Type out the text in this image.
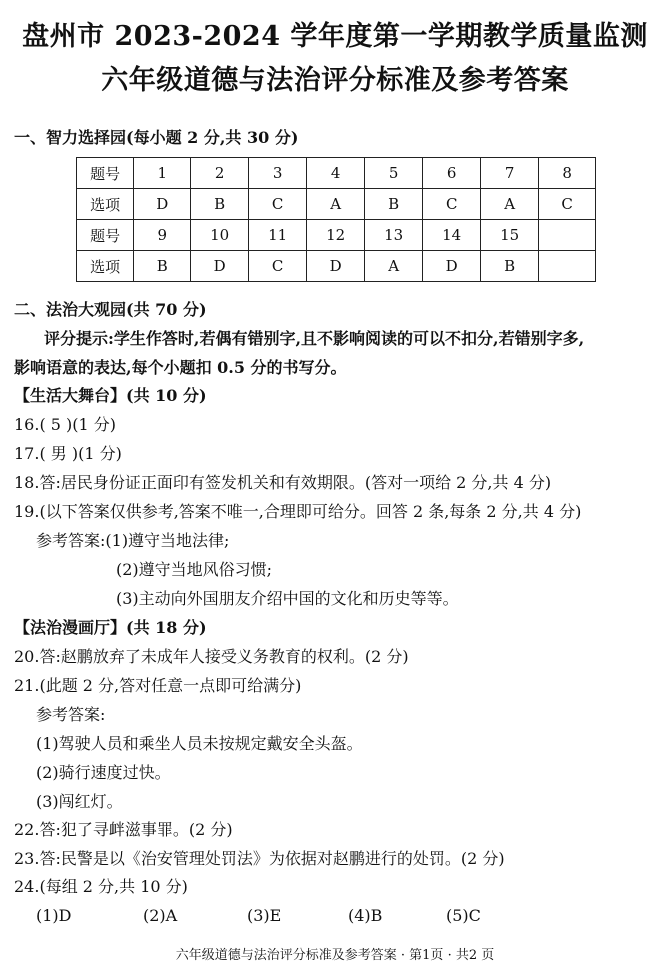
盘州市 2023-2024 学年度第一学期教学质量监测
六年级道德与法治评分标准及参考答案
一、智力选择园(每小题 2 分,共 30 分)
题号	1	2	3	4	5	6	7	8
选项	D	B	C	A	B	C	A	C
题号	9	10	11	12	13	14	15	
选项	B	D	C	D	A	D	B	
二、法治大观园(共 70 分)
评分提示:学生作答时,若偶有错别字,且不影响阅读的可以不扣分,若错别字多,
影响语意的表达,每个小题扣 0.5 分的书写分。
【生活大舞台】(共 10 分)
16.( 5 )(1 分)
17.( 男 )(1 分)
18.答:居民身份证正面印有签发机关和有效期限。(答对一项给 2 分,共 4 分)
19.(以下答案仅供参考,答案不唯一,合理即可给分。回答 2 条,每条 2 分,共 4 分)
参考答案:(1)遵守当地法律;
(2)遵守当地风俗习惯;
(3)主动向外国朋友介绍中国的文化和历史等等。
【法治漫画厅】(共 18 分)
20.答:赵鹏放弃了未成年人接受义务教育的权利。(2 分)
21.(此题 2 分,答对任意一点即可给满分)
参考答案:
(1)驾驶人员和乘坐人员未按规定戴安全头盔。
(2)骑行速度过快。
(3)闯红灯。
22.答:犯了寻衅滋事罪。(2 分)
23.答:民警是以《治安管理处罚法》为依据对赵鹏进行的处罚。(2 分)
24.(每组 2 分,共 10 分)
(1)D	(2)A	(3)E	(4)B	(5)C
六年级道德与法治评分标准及参考答案 · 第1页 · 共2 页
